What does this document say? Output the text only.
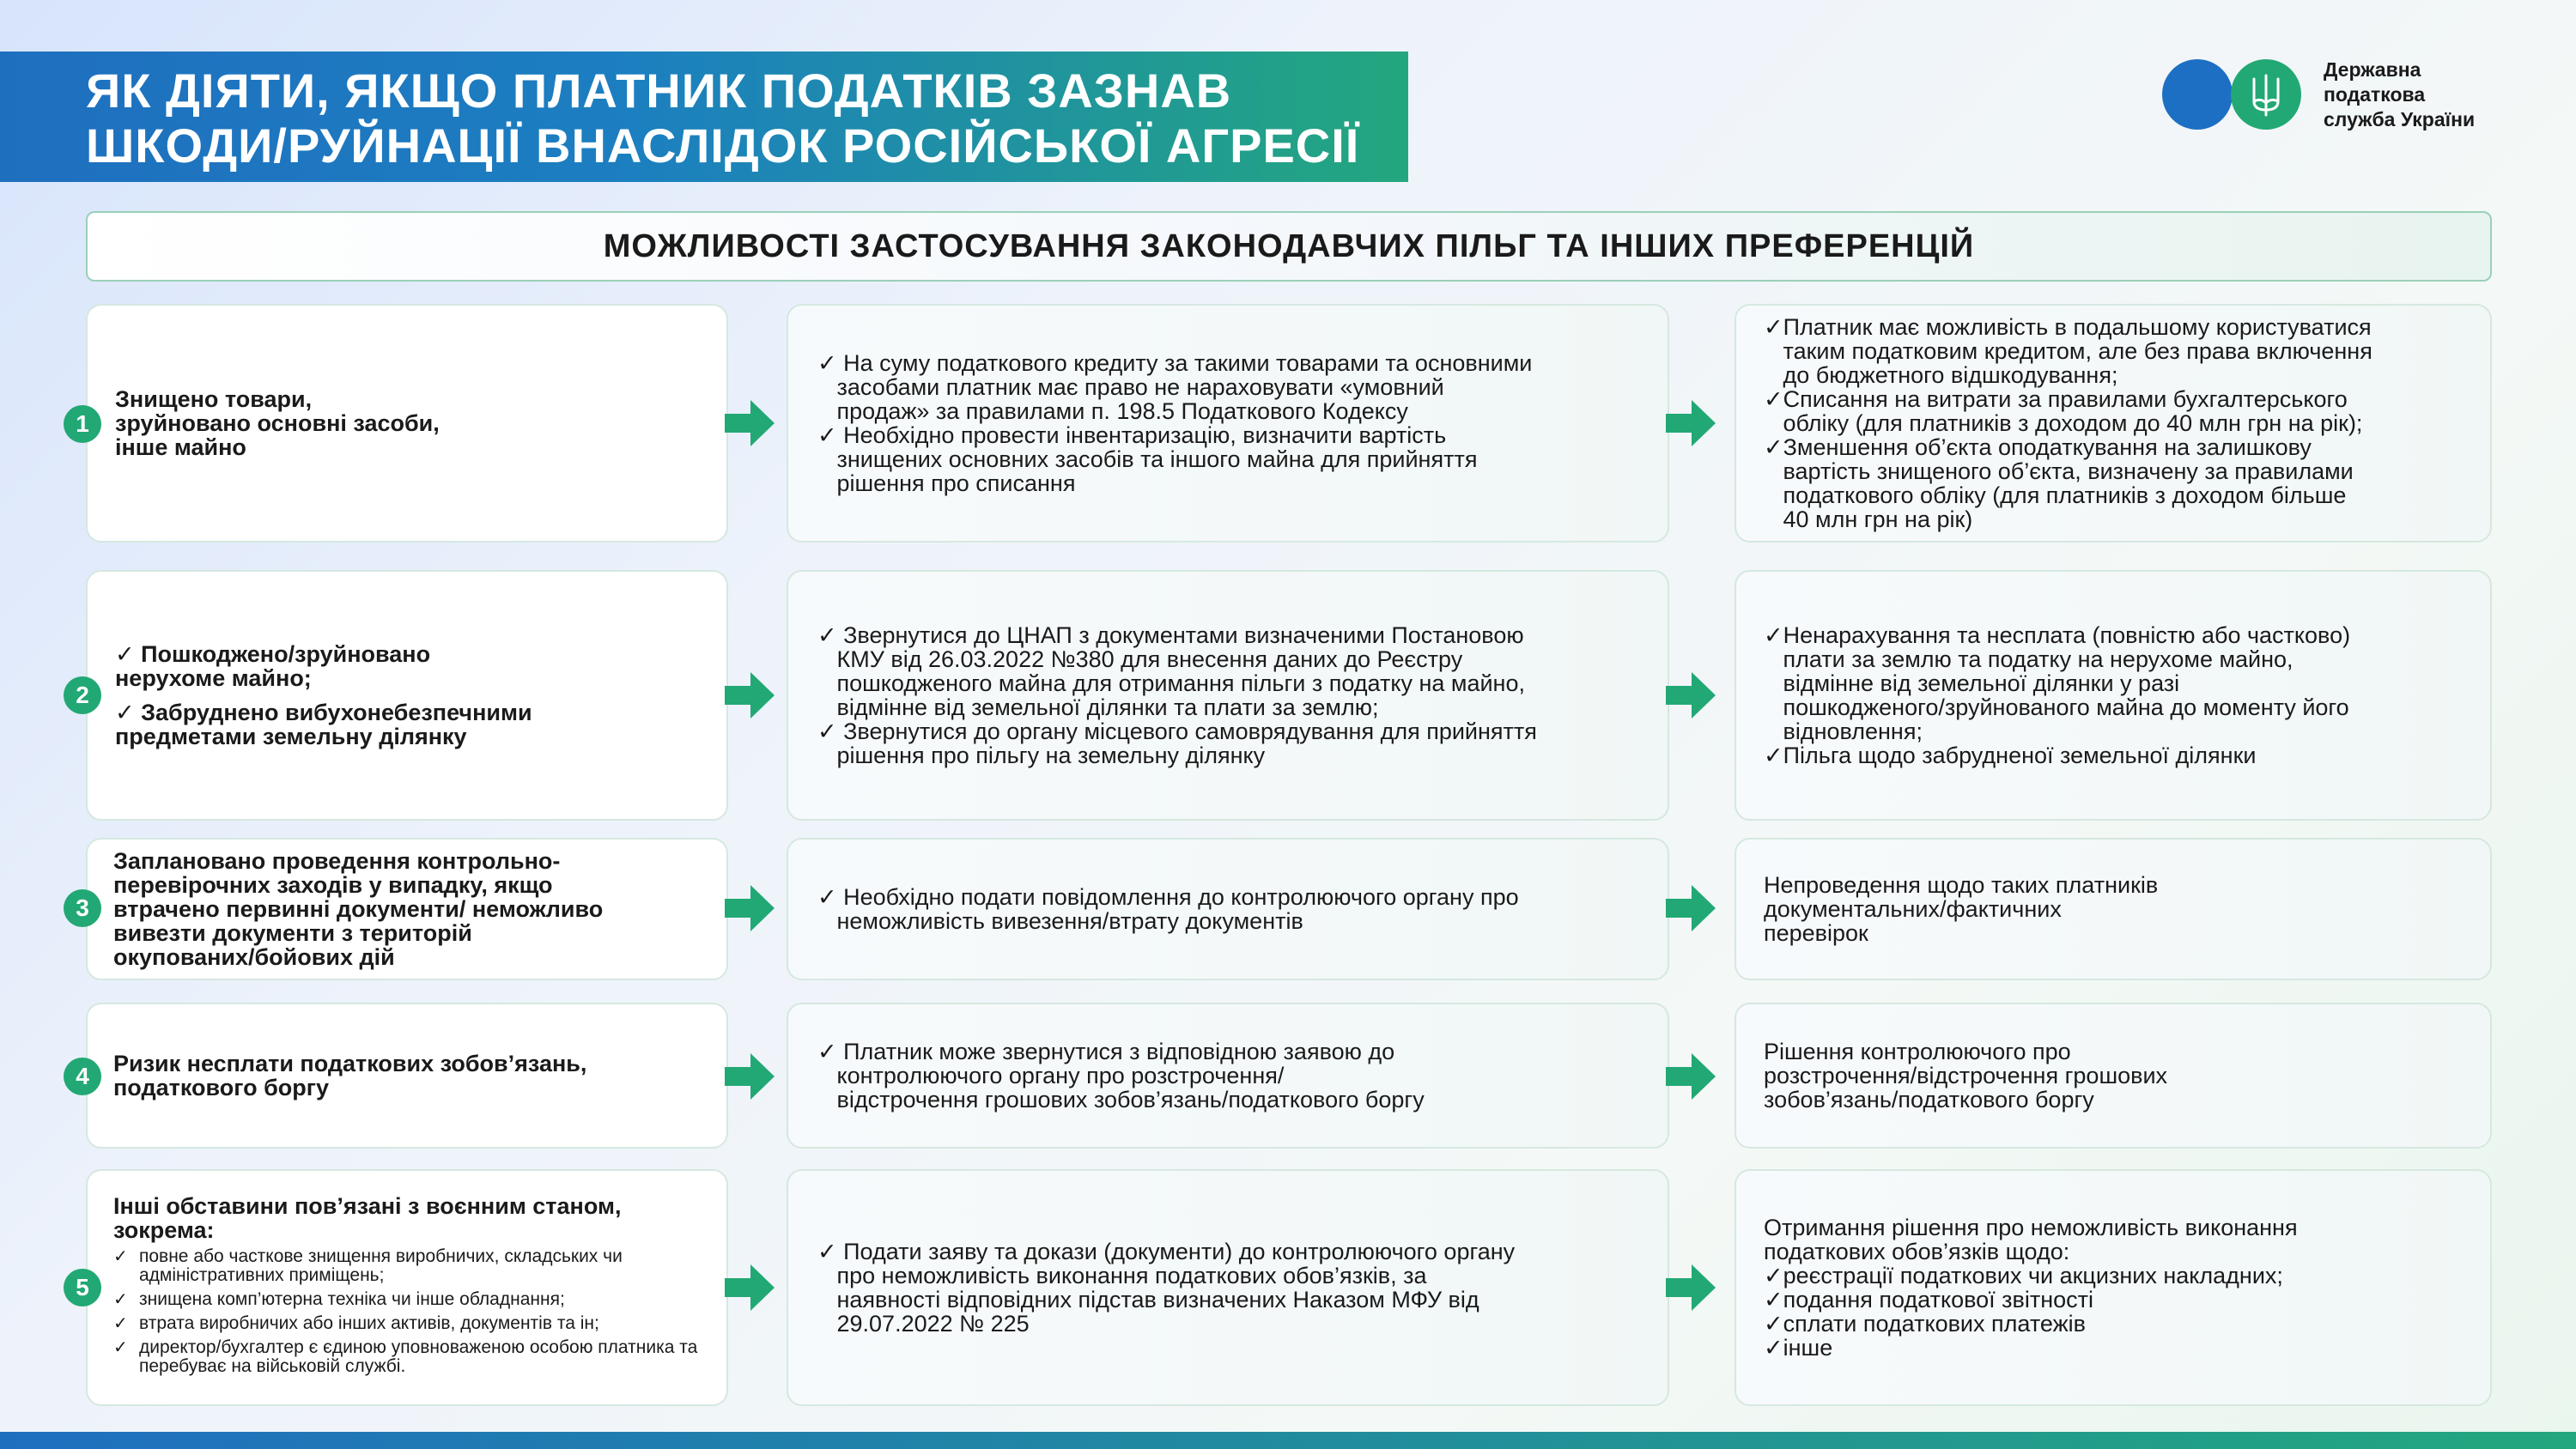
ЯК ДІЯТИ, ЯКЩО ПЛАТНИК ПОДАТКІВ ЗАЗНАВ
ШКОДИ/РУЙНАЦІЇ ВНАСЛІДОК РОСІЙСЬКОЇ АГРЕСІЇ
Державна
податкова
служба України
МОЖЛИВОСТІ ЗАСТОСУВАННЯ ЗАКОНОДАВЧИХ ПІЛЬГ ТА ІНШИХ ПРЕФЕРЕНЦІЙ
Знищено товари,
зруйновано основні засоби,
інше майно
1
✓ На суму податкового кредиту за такими товарами та основними
засобами платник має право не нараховувати «умовний
продаж» за правилами п. 198.5 Податкового Кодексу
✓ Необхідно провести інвентаризацію, визначити вартість
знищених основних засобів та іншого майна для прийняття
рішення про списання
✓Платник має можливість в подальшому користуватися
таким податковим кредитом, але без права включення
до бюджетного відшкодування;
✓Списання на витрати за правилами бухгалтерського
обліку (для платників з доходом до 40 млн грн на рік);
✓Зменшення об’єкта оподаткування на залишкову
вартість знищеного об’єкта, визначену за правилами
податкового обліку (для платників з доходом більше
40 млн грн на рік)
✓ Пошкоджено/зруйновано
нерухоме майно;
✓ Забруднено вибухонебезпечними
предметами земельну ділянку
2
✓ Звернутися до ЦНАП з документами визначеними Постановою
КМУ від 26.03.2022 №380 для внесення даних до Реєстру
пошкодженого майна для отримання пільги з податку на майно,
відмінне від земельної ділянки та плати за землю;
✓ Звернутися до органу місцевого самоврядування для прийняття
рішення про пільгу на земельну ділянку
✓Ненарахування та несплата (повністю або частково)
плати за землю та податку на нерухоме майно,
відмінне від земельної ділянки у разі
пошкодженого/зруйнованого майна до моменту його
відновлення;
✓Пільга щодо забрудненої земельної ділянки
Заплановано проведення контрольно-
перевірочних заходів у випадку, якщо
втрачено первинні документи/ неможливо
вивезти документи з територій
окупованих/бойових дій
3	✓ Необхідно подати повідомлення до контролюючого органу про
неможливість вивезення/втрату документів
Непроведення щодо таких платників
документальних/фактичних
перевірок
Ризик несплати податкових зобов’язань,
податкового боргу
4
✓ Платник може звернутися з відповідною заявою до
контролюючого органу про розстрочення/
відстрочення грошових зобов’язань/податкового боргу
Рішення контролюючого про
розстрочення/відстрочення грошових
зобов’язань/податкового боргу
Інші обставини пов’язані з воєнним станом,
зокрема:
✓ повне або часткове знищення виробничих, складських чи адміністративних приміщень;
✓ знищена комп’ютерна техніка чи інше обладнання;
✓ втрата виробничих або інших активів, документів та ін;
✓ директор/бухгалтер є єдиною уповноваженою особою платника та перебуває на військовій службі.
5
✓ Подати заяву та докази (документи) до контролюючого органу
про неможливість виконання податкових обов’язків, за
наявності відповідних підстав визначених Наказом МФУ від
29.07.2022 № 225
Отримання рішення про неможливість виконання
податкових обов’язків щодо:
✓реєстрації податкових чи акцизних накладних;
✓подання податкової звітності
✓сплати податкових платежів
✓інше
